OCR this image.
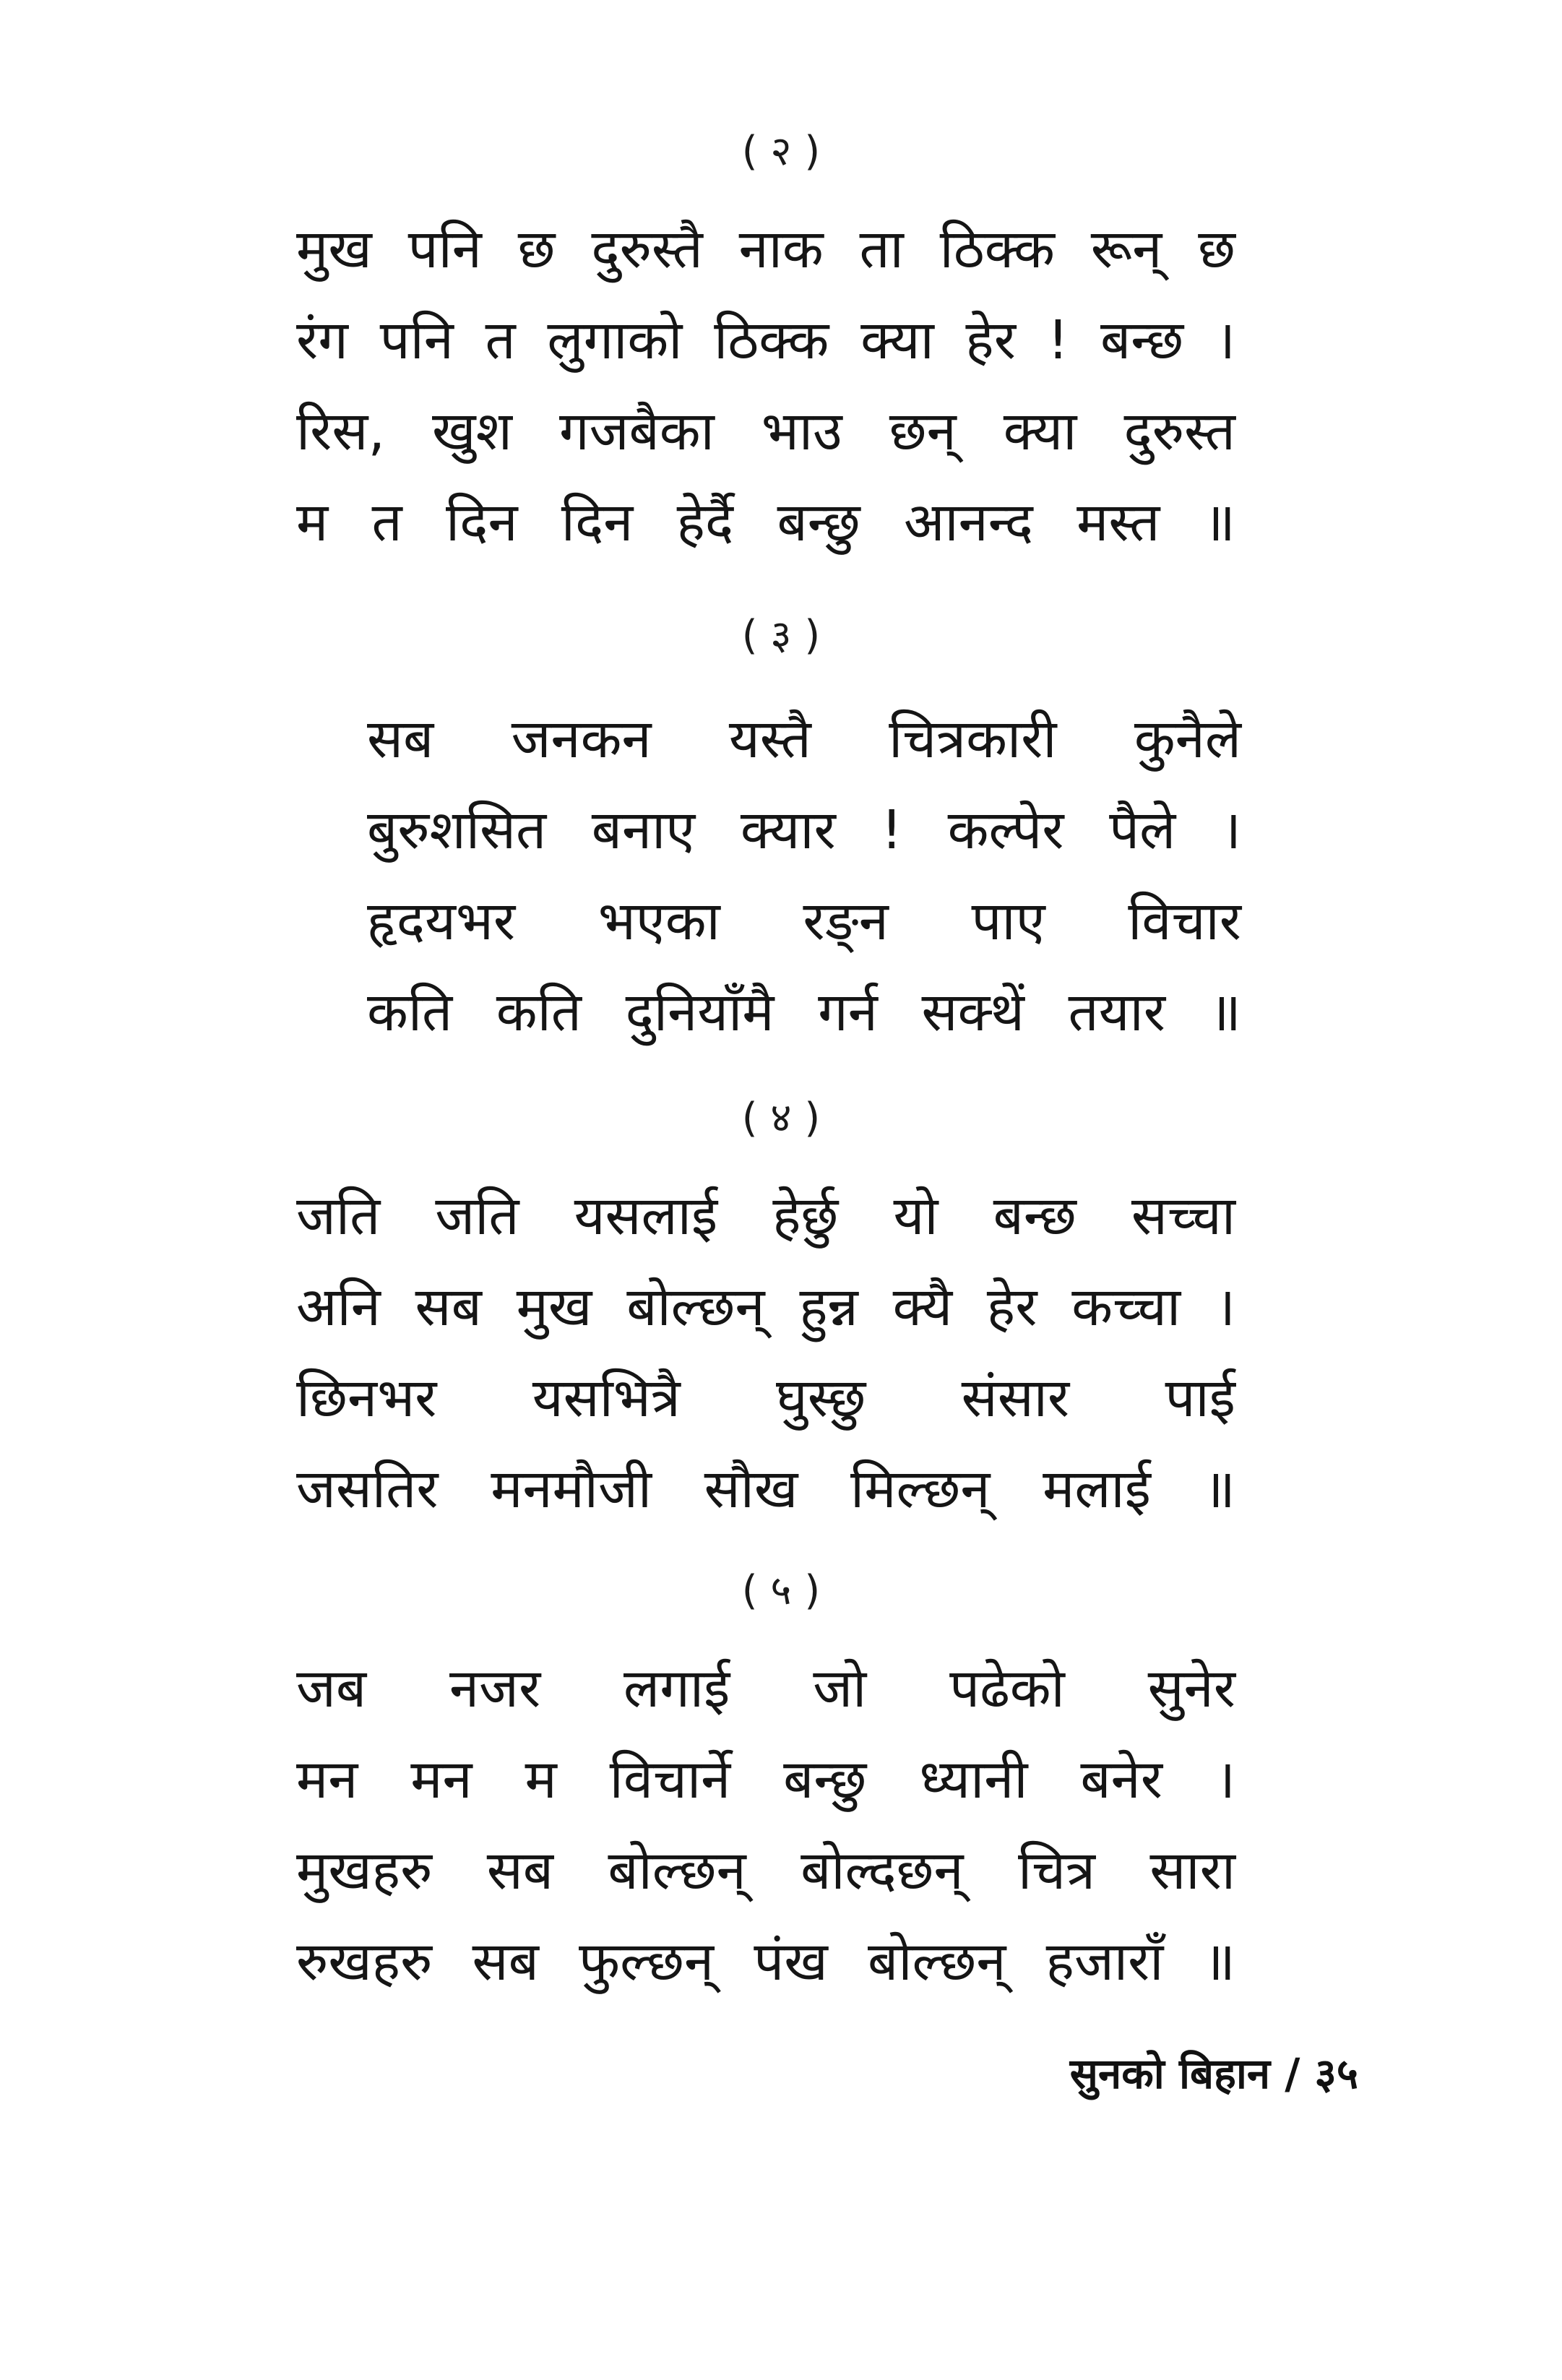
( २ )
मुख पनि छ दुरुस्तै नाक ता ठिक्क रून् छ
रंग पनि त लुगाको ठिक्क क्या हेर ! बन्छ ।
रिस, खुश गजबैका भाउ छन् क्या दुरुस्त
म त दिन दिन हेर्दै बन्छु आनन्द मस्त ॥
( ३ )
सब जनकन यस्तै चित्रकारी कुनैले
बुरुशसित बनाए क्यार ! कल्पेर पैले ।
हृदयभर भएका रङ्न पाए विचार
कति कति दुनियाँमै गर्न सक्थें तयार ॥
( ४ )
जति जति यसलाई हेर्छु यो बन्छ सच्चा
अनि सब मुख बोल्छन् हुन्न क्यै हेर कच्चा ।
छिनभर यसभित्रै घुस्छु संसार पाई
जसतिर मनमौजी सौख मिल्छन् मलाई ॥
( ५ )
जब नजर लगाई जो पढेको सुनेर
मन मन म विचार्ने बन्छु ध्यानी बनेर ।
मुखहरु सब बोल्छन् बोल्दछन् चित्र सारा
रुखहरु सब फुल्छन् पंख बोल्छन् हजाराँ ॥
सुनको बिहान / ३५
